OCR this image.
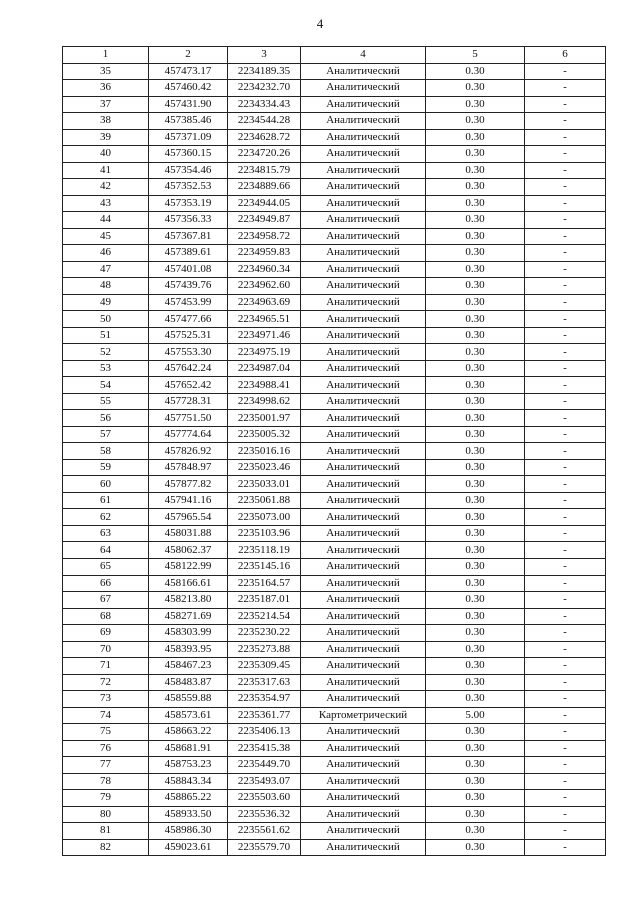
4
1	2	3	4	5	6
35	457473.17	2234189.35	Аналитический	0.30	-
36	457460.42	2234232.70	Аналитический	0.30	-
37	457431.90	2234334.43	Аналитический	0.30	-
38	457385.46	2234544.28	Аналитический	0.30	-
39	457371.09	2234628.72	Аналитический	0.30	-
40	457360.15	2234720.26	Аналитический	0.30	-
41	457354.46	2234815.79	Аналитический	0.30	-
42	457352.53	2234889.66	Аналитический	0.30	-
43	457353.19	2234944.05	Аналитический	0.30	-
44	457356.33	2234949.87	Аналитический	0.30	-
45	457367.81	2234958.72	Аналитический	0.30	-
46	457389.61	2234959.83	Аналитический	0.30	-
47	457401.08	2234960.34	Аналитический	0.30	-
48	457439.76	2234962.60	Аналитический	0.30	-
49	457453.99	2234963.69	Аналитический	0.30	-
50	457477.66	2234965.51	Аналитический	0.30	-
51	457525.31	2234971.46	Аналитический	0.30	-
52	457553.30	2234975.19	Аналитический	0.30	-
53	457642.24	2234987.04	Аналитический	0.30	-
54	457652.42	2234988.41	Аналитический	0.30	-
55	457728.31	2234998.62	Аналитический	0.30	-
56	457751.50	2235001.97	Аналитический	0.30	-
57	457774.64	2235005.32	Аналитический	0.30	-
58	457826.92	2235016.16	Аналитический	0.30	-
59	457848.97	2235023.46	Аналитический	0.30	-
60	457877.82	2235033.01	Аналитический	0.30	-
61	457941.16	2235061.88	Аналитический	0.30	-
62	457965.54	2235073.00	Аналитический	0.30	-
63	458031.88	2235103.96	Аналитический	0.30	-
64	458062.37	2235118.19	Аналитический	0.30	-
65	458122.99	2235145.16	Аналитический	0.30	-
66	458166.61	2235164.57	Аналитический	0.30	-
67	458213.80	2235187.01	Аналитический	0.30	-
68	458271.69	2235214.54	Аналитический	0.30	-
69	458303.99	2235230.22	Аналитический	0.30	-
70	458393.95	2235273.88	Аналитический	0.30	-
71	458467.23	2235309.45	Аналитический	0.30	-
72	458483.87	2235317.63	Аналитический	0.30	-
73	458559.88	2235354.97	Аналитический	0.30	-
74	458573.61	2235361.77	Картометрический	5.00	-
75	458663.22	2235406.13	Аналитический	0.30	-
76	458681.91	2235415.38	Аналитический	0.30	-
77	458753.23	2235449.70	Аналитический	0.30	-
78	458843.34	2235493.07	Аналитический	0.30	-
79	458865.22	2235503.60	Аналитический	0.30	-
80	458933.50	2235536.32	Аналитический	0.30	-
81	458986.30	2235561.62	Аналитический	0.30	-
82	459023.61	2235579.70	Аналитический	0.30	-
